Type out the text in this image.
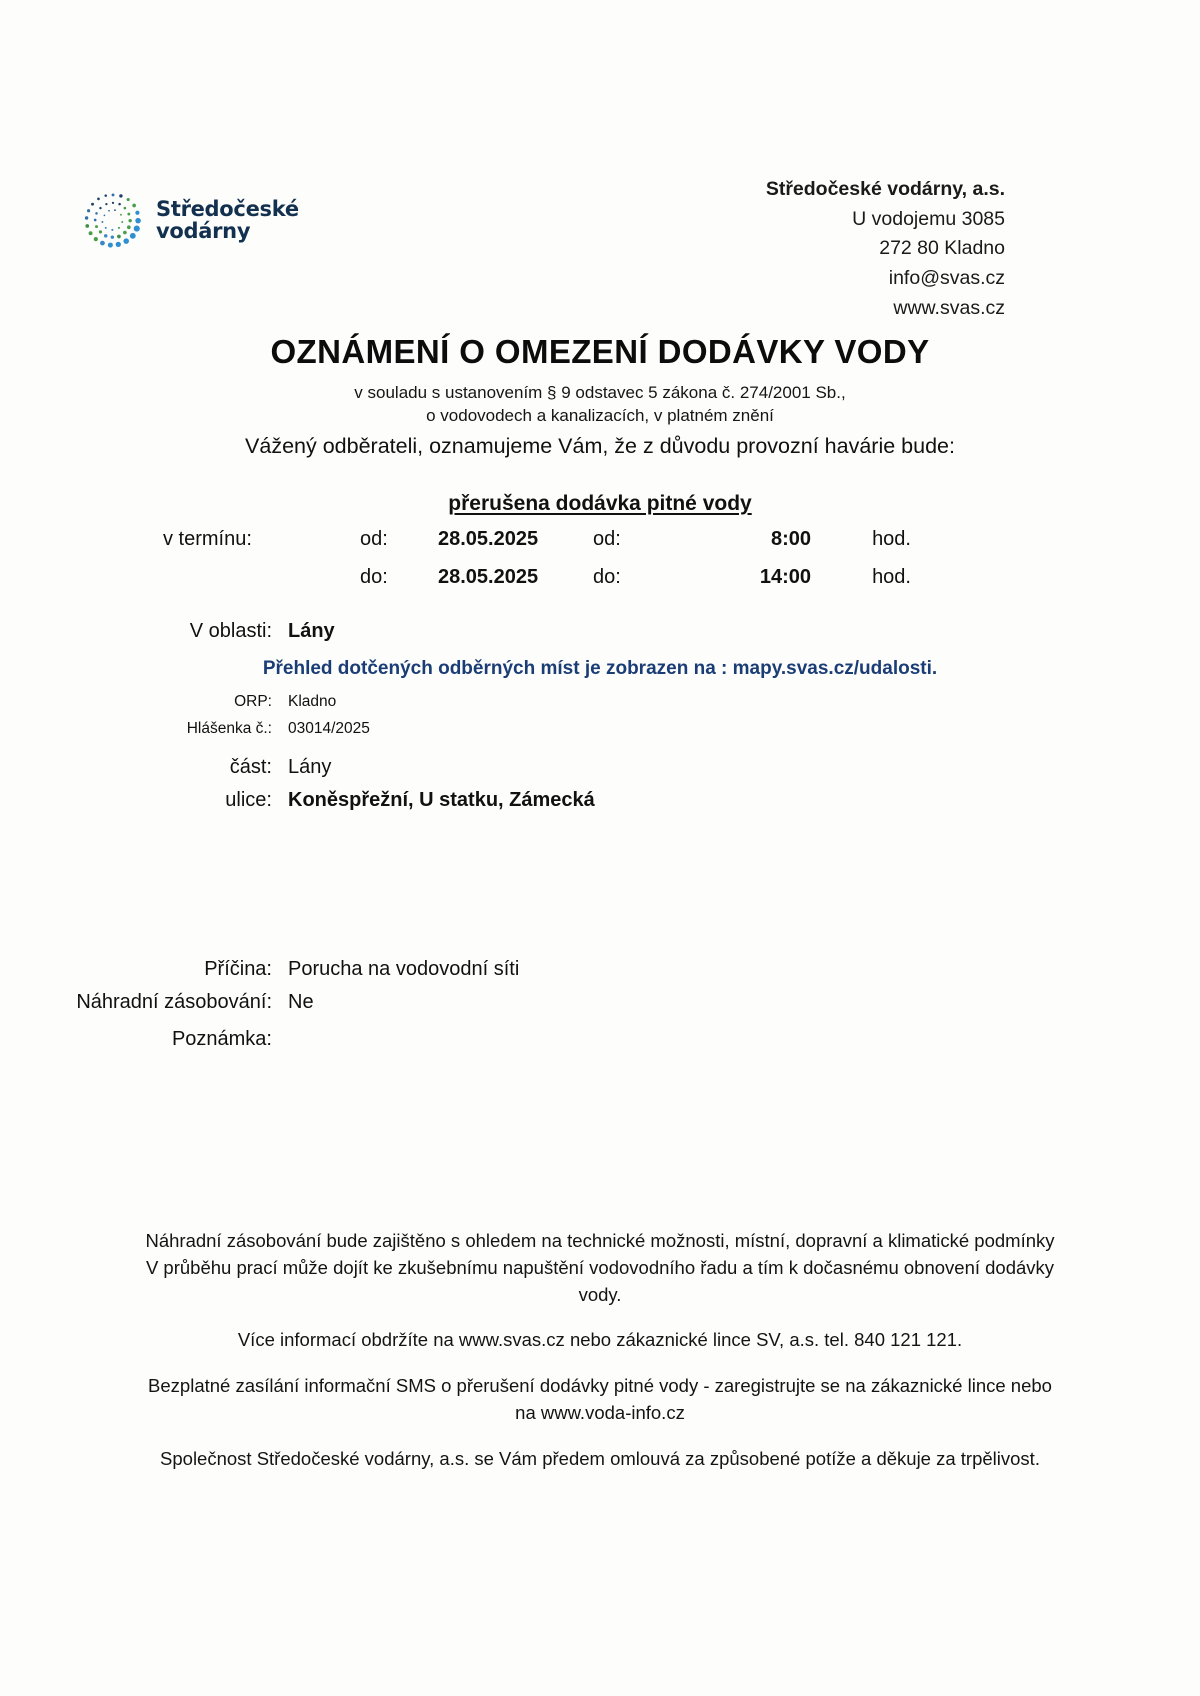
Středočeské
vodárny
Středočeské vodárny, a.s.
U vodojemu 3085
272 80 Kladno
info@svas.cz
www.svas.cz
OZNÁMENÍ O OMEZENÍ DODÁVKY VODY
v souladu s ustanovením § 9 odstavec 5 zákona č. 274/2001 Sb.,
o vodovodech a kanalizacích, v platném znění
Vážený odběrateli, oznamujeme Vám, že z důvodu provozní havárie bude:
přerušena dodávka pitné vody
v termínu:	od:	28.05.2025	od:	8:00	hod.
do:	28.05.2025	do:	14:00	hod.
V oblasti: Lány
Přehled dotčených odběrných míst je zobrazen na : mapy.svas.cz/udalosti.
ORP:	Kladno
Hlášenka č.:	03014/2025
část: Lány
ulice: Koněspřežní, U statku, Zámecká
Příčina: Porucha na vodovodní síti
Náhradní zásobování: Ne
Poznámka:

Náhradní zásobování bude zajištěno s ohledem na technické možnosti, místní, dopravní a klimatické podmínky

V průběhu prací může dojít ke zkušebnímu napuštění vodovodního řadu a tím k dočasnému obnovení dodávky

vody.

Více informací obdržíte na www.svas.cz nebo zákaznické lince SV, a.s. tel. 840 121 121.

Bezplatné zasílání informační SMS o přerušení dodávky pitné vody - zaregistrujte se na zákaznické lince nebo

na www.voda-info.cz

Společnost Středočeské vodárny, a.s. se Vám předem omlouvá za způsobené potíže a děkuje za trpělivost.
